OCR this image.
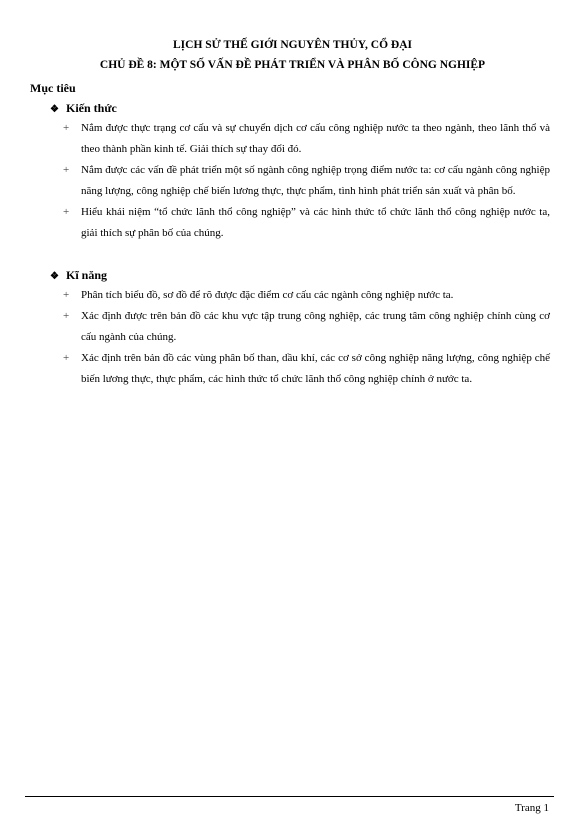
LỊCH SỬ THẾ GIỚI NGUYÊN THỦY, CỔ ĐẠI
CHỦ ĐỀ 8: MỘT SỐ VẤN ĐỀ PHÁT TRIỂN VÀ PHÂN BỐ CÔNG NGHIỆP
Mục tiêu
❖ Kiến thức
+ Nắm được thực trạng cơ cấu và sự chuyển dịch cơ cấu công nghiệp nước ta theo ngành, theo lãnh thổ và theo thành phần kinh tế. Giải thích sự thay đổi đó.
+ Nắm được các vấn đề phát triển một số ngành công nghiệp trọng điểm nước ta: cơ cấu ngành công nghiệp năng lượng, công nghiệp chế biến lương thực, thực phẩm, tình hình phát triển sản xuất và phân bố.
+ Hiểu khái niệm “tổ chức lãnh thổ công nghiệp” và các hình thức tổ chức lãnh thổ công nghiệp nước ta, giải thích sự phân bố của chúng.
❖ Kĩ năng
+ Phân tích biểu đồ, sơ đồ để rõ được đặc điểm cơ cấu các ngành công nghiệp nước ta.
+ Xác định được trên bản đồ các khu vực tập trung công nghiệp, các trung tâm công nghiệp chính cùng cơ cấu ngành của chúng.
+ Xác định trên bản đồ các vùng phân bố than, dầu khí, các cơ sở công nghiệp năng lượng, công nghiệp chế biến lương thực, thực phẩm, các hình thức tổ chức lãnh thổ công nghiệp chính ở nước ta.
Trang 1
